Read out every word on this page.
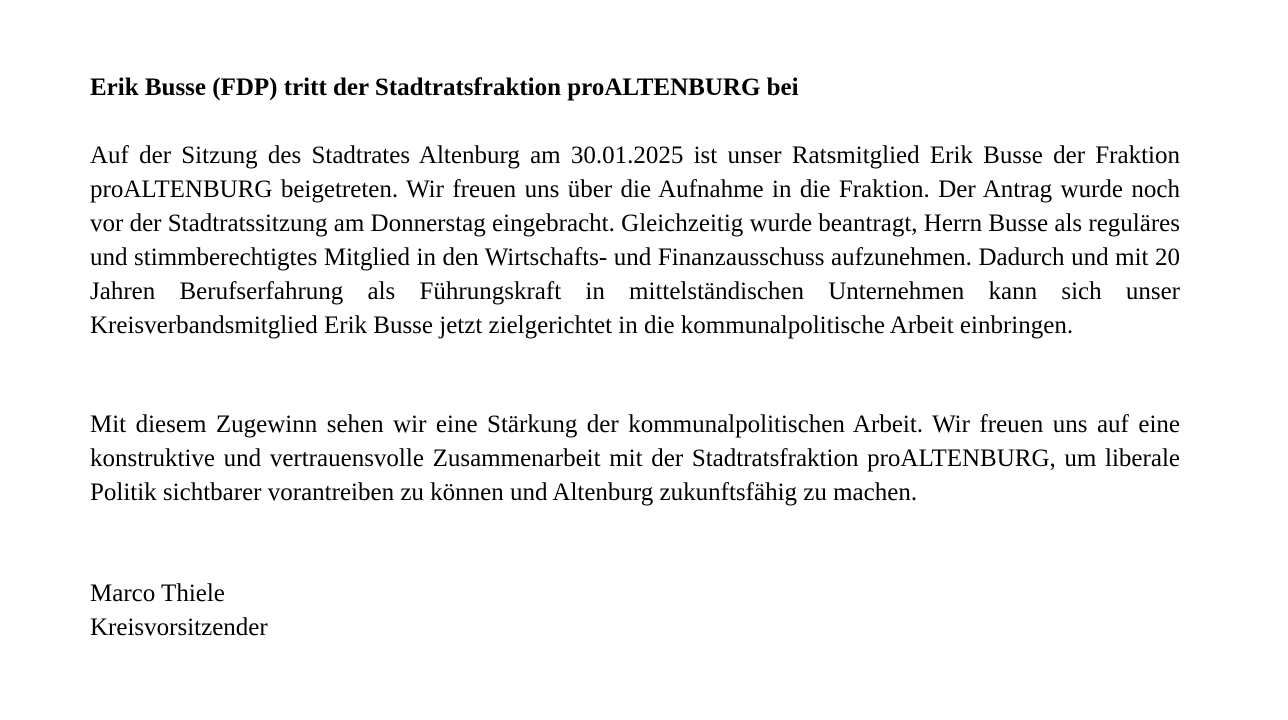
Erik Busse (FDP) tritt der Stadtratsfraktion proALTENBURG bei

Auf der Sitzung des Stadtrates Altenburg am 30.01.2025 ist unser Ratsmitglied Erik Busse der Fraktion proALTENBURG beigetreten. Wir freuen uns über die Aufnahme in die Fraktion. Der Antrag wurde noch vor der Stadtratssitzung am Donnerstag eingebracht. Gleichzeitig wurde beantragt, Herrn Busse als reguläres und stimmberechtigtes Mitglied in den Wirtschafts- und Finanzausschuss aufzunehmen. Dadurch und mit 20 Jahren Berufserfahrung als Führungskraft in mittelständischen Unternehmen kann sich unser Kreisverbandsmitglied Erik Busse jetzt zielgerichtet in die kommunalpolitische Arbeit einbringen.

Mit diesem Zugewinn sehen wir eine Stärkung der kommunalpolitischen Arbeit. Wir freuen uns auf eine konstruktive und vertrauensvolle Zusammenarbeit mit der Stadtratsfraktion proALTENBURG, um liberale Politik sichtbarer vorantreiben zu können und Altenburg zukunftsfähig zu machen.

Marco Thiele
Kreisvorsitzender
